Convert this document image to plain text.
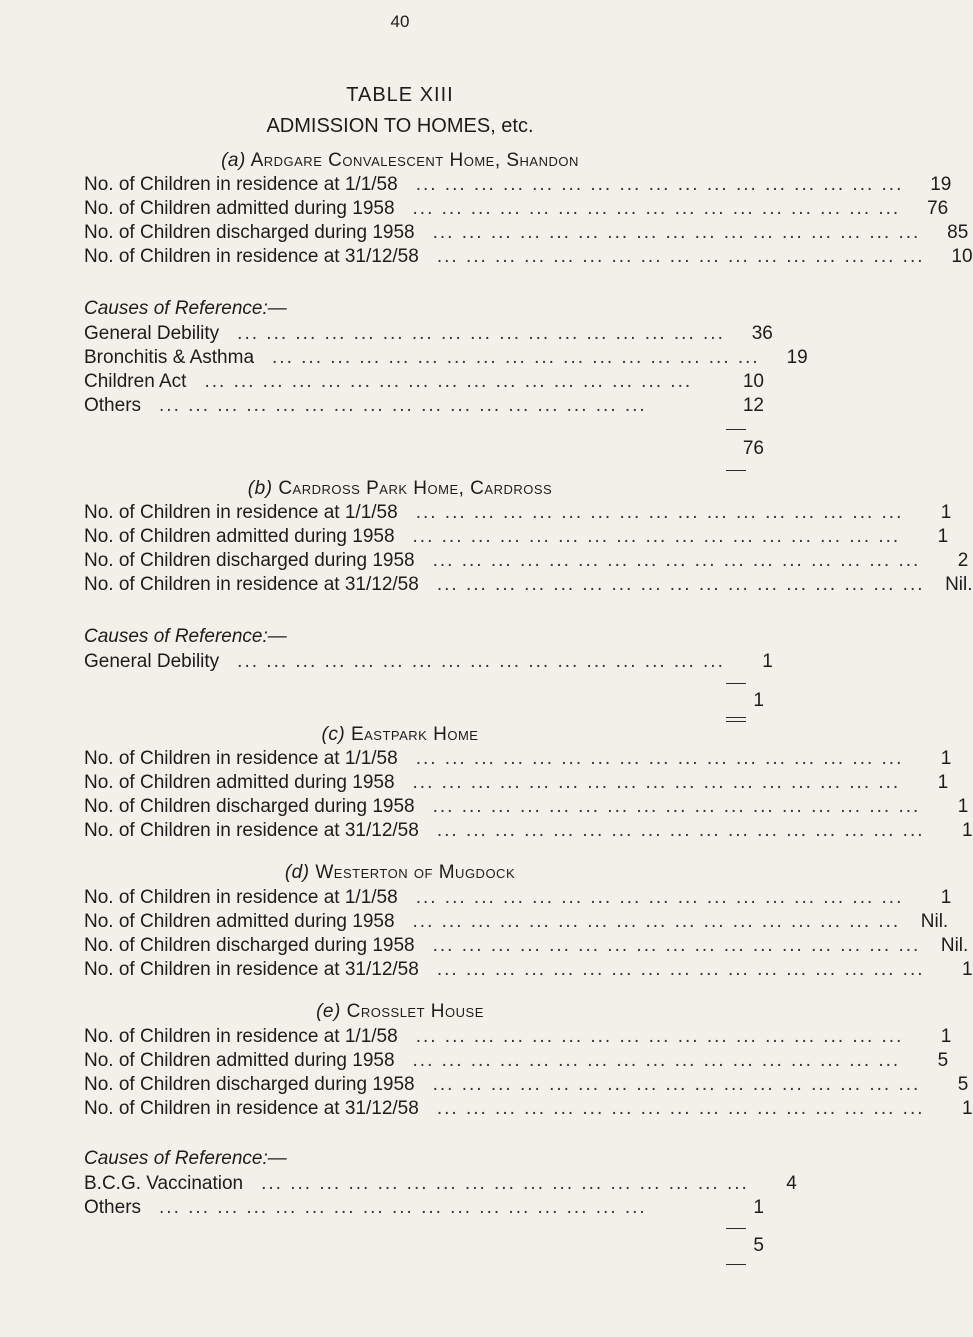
40
TABLE XIII
ADMISSION TO HOMES, etc.
(a) Ardgare Convalescent Home, Shandon
No. of Children in residence at 1/1/58 ... ... ... ... ... ... ... ... ... ... ... ... ... ... ... ... ...	19
No. of Children admitted during 1958 ... ... ... ... ... ... ... ... ... ... ... ... ... ... ... ... ...	76
No. of Children discharged during 1958 ... ... ... ... ... ... ... ... ... ... ... ... ... ... ... ... ...	85
No. of Children in residence at 31/12/58 ... ... ... ... ... ... ... ... ... ... ... ... ... ... ... ... ...	10
Causes of Reference:—
General Debility ... ... ... ... ... ... ... ... ... ... ... ... ... ... ... ... ...	36
Bronchitis & Asthma ... ... ... ... ... ... ... ... ... ... ... ... ... ... ... ... ...	19
Children Act ... ... ... ... ... ... ... ... ... ... ... ... ... ... ... ... ...	10
Others ... ... ... ... ... ... ... ... ... ... ... ... ... ... ... ... ...	12
76
(b) Cardross Park Home, Cardross
No. of Children in residence at 1/1/58 ... ... ... ... ... ... ... ... ... ... ... ... ... ... ... ... ...	1
No. of Children admitted during 1958 ... ... ... ... ... ... ... ... ... ... ... ... ... ... ... ... ...	1
No. of Children discharged during 1958 ... ... ... ... ... ... ... ... ... ... ... ... ... ... ... ... ...	2
No. of Children in residence at 31/12/58 ... ... ... ... ... ... ... ... ... ... ... ... ... ... ... ... ...	Nil.
Causes of Reference:—
General Debility ... ... ... ... ... ... ... ... ... ... ... ... ... ... ... ... ...	1
1
(c) Eastpark Home
No. of Children in residence at 1/1/58 ... ... ... ... ... ... ... ... ... ... ... ... ... ... ... ... ...	1
No. of Children admitted during 1958 ... ... ... ... ... ... ... ... ... ... ... ... ... ... ... ... ...	1
No. of Children discharged during 1958 ... ... ... ... ... ... ... ... ... ... ... ... ... ... ... ... ...	1
No. of Children in residence at 31/12/58 ... ... ... ... ... ... ... ... ... ... ... ... ... ... ... ... ...	1
(d) Westerton of Mugdock
No. of Children in residence at 1/1/58 ... ... ... ... ... ... ... ... ... ... ... ... ... ... ... ... ...	1
No. of Children admitted during 1958 ... ... ... ... ... ... ... ... ... ... ... ... ... ... ... ... ...	Nil.
No. of Children discharged during 1958 ... ... ... ... ... ... ... ... ... ... ... ... ... ... ... ... ...	Nil.
No. of Children in residence at 31/12/58 ... ... ... ... ... ... ... ... ... ... ... ... ... ... ... ... ...	1
(e) Crosslet House
No. of Children in residence at 1/1/58 ... ... ... ... ... ... ... ... ... ... ... ... ... ... ... ... ...	1
No. of Children admitted during 1958 ... ... ... ... ... ... ... ... ... ... ... ... ... ... ... ... ...	5
No. of Children discharged during 1958 ... ... ... ... ... ... ... ... ... ... ... ... ... ... ... ... ...	5
No. of Children in residence at 31/12/58 ... ... ... ... ... ... ... ... ... ... ... ... ... ... ... ... ...	1
Causes of Reference:—
B.C.G. Vaccination ... ... ... ... ... ... ... ... ... ... ... ... ... ... ... ... ...	4
Others ... ... ... ... ... ... ... ... ... ... ... ... ... ... ... ... ...	1
5
